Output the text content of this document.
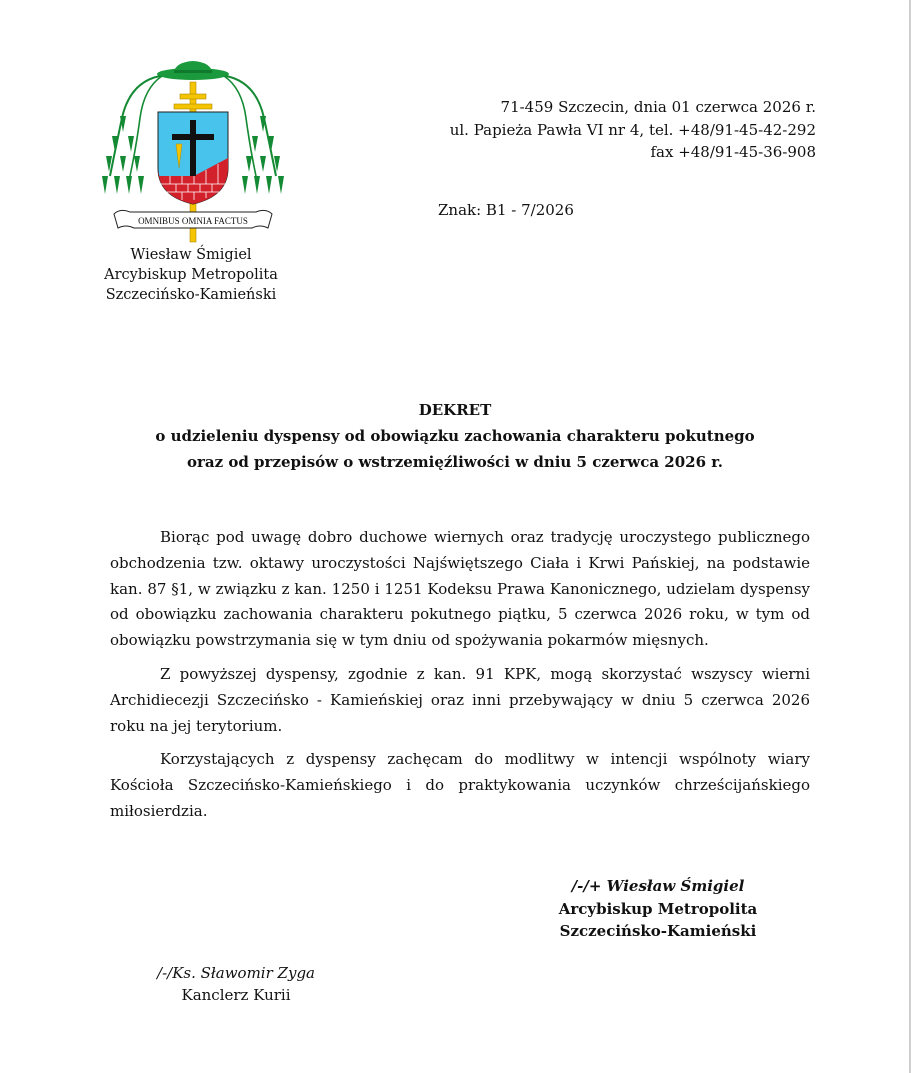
OMNIBUS OMNIA FACTUS
Wiesław Śmigiel
Arcybiskup Metropolita
Szczecińsko-Kamieński
71-459 Szczecin, dnia 01 czerwca 2026 r.
ul. Papieża Pawła VI nr 4, tel. +48/91-45-42-292
fax +48/91-45-36-908
Znak: B1 - 7/2026
DEKRET
o udzieleniu dyspensy od obowiązku zachowania charakteru pokutnego
oraz od przepisów o wstrzemięźliwości w dniu 5 czerwca 2026 r.

Biorąc pod uwagę dobro duchowe wiernych oraz tradycję uroczystego publicznego obchodzenia tzw. oktawy uroczystości Najświętszego Ciała i Krwi Pańskiej, na podstawie kan. 87 §1, w związku z kan. 1250 i 1251 Kodeksu Prawa Kanonicznego, udzielam dyspensy od obowiązku zachowania charakteru pokutnego piątku, 5 czerwca 2026 roku, w tym od obowiązku powstrzymania się w tym dniu od spożywania pokarmów mięsnych.

Z powyższej dyspensy, zgodnie z kan. 91 KPK, mogą skorzystać wszyscy wierni Archidiecezji Szczecińsko - Kamieńskiej oraz inni przebywający w dniu 5 czerwca 2026 roku na jej terytorium.

Korzystających z dyspensy zachęcam do modlitwy w intencji wspólnoty wiary Kościoła Szczecińsko-Kamieńskiego i do praktykowania uczynków chrześcijańskiego miłosierdzia.

/-/+ Wiesław Śmigiel
Arcybiskup Metropolita
Szczecińsko-Kamieński
/-/Ks. Sławomir Zyga
Kanclerz Kurii
